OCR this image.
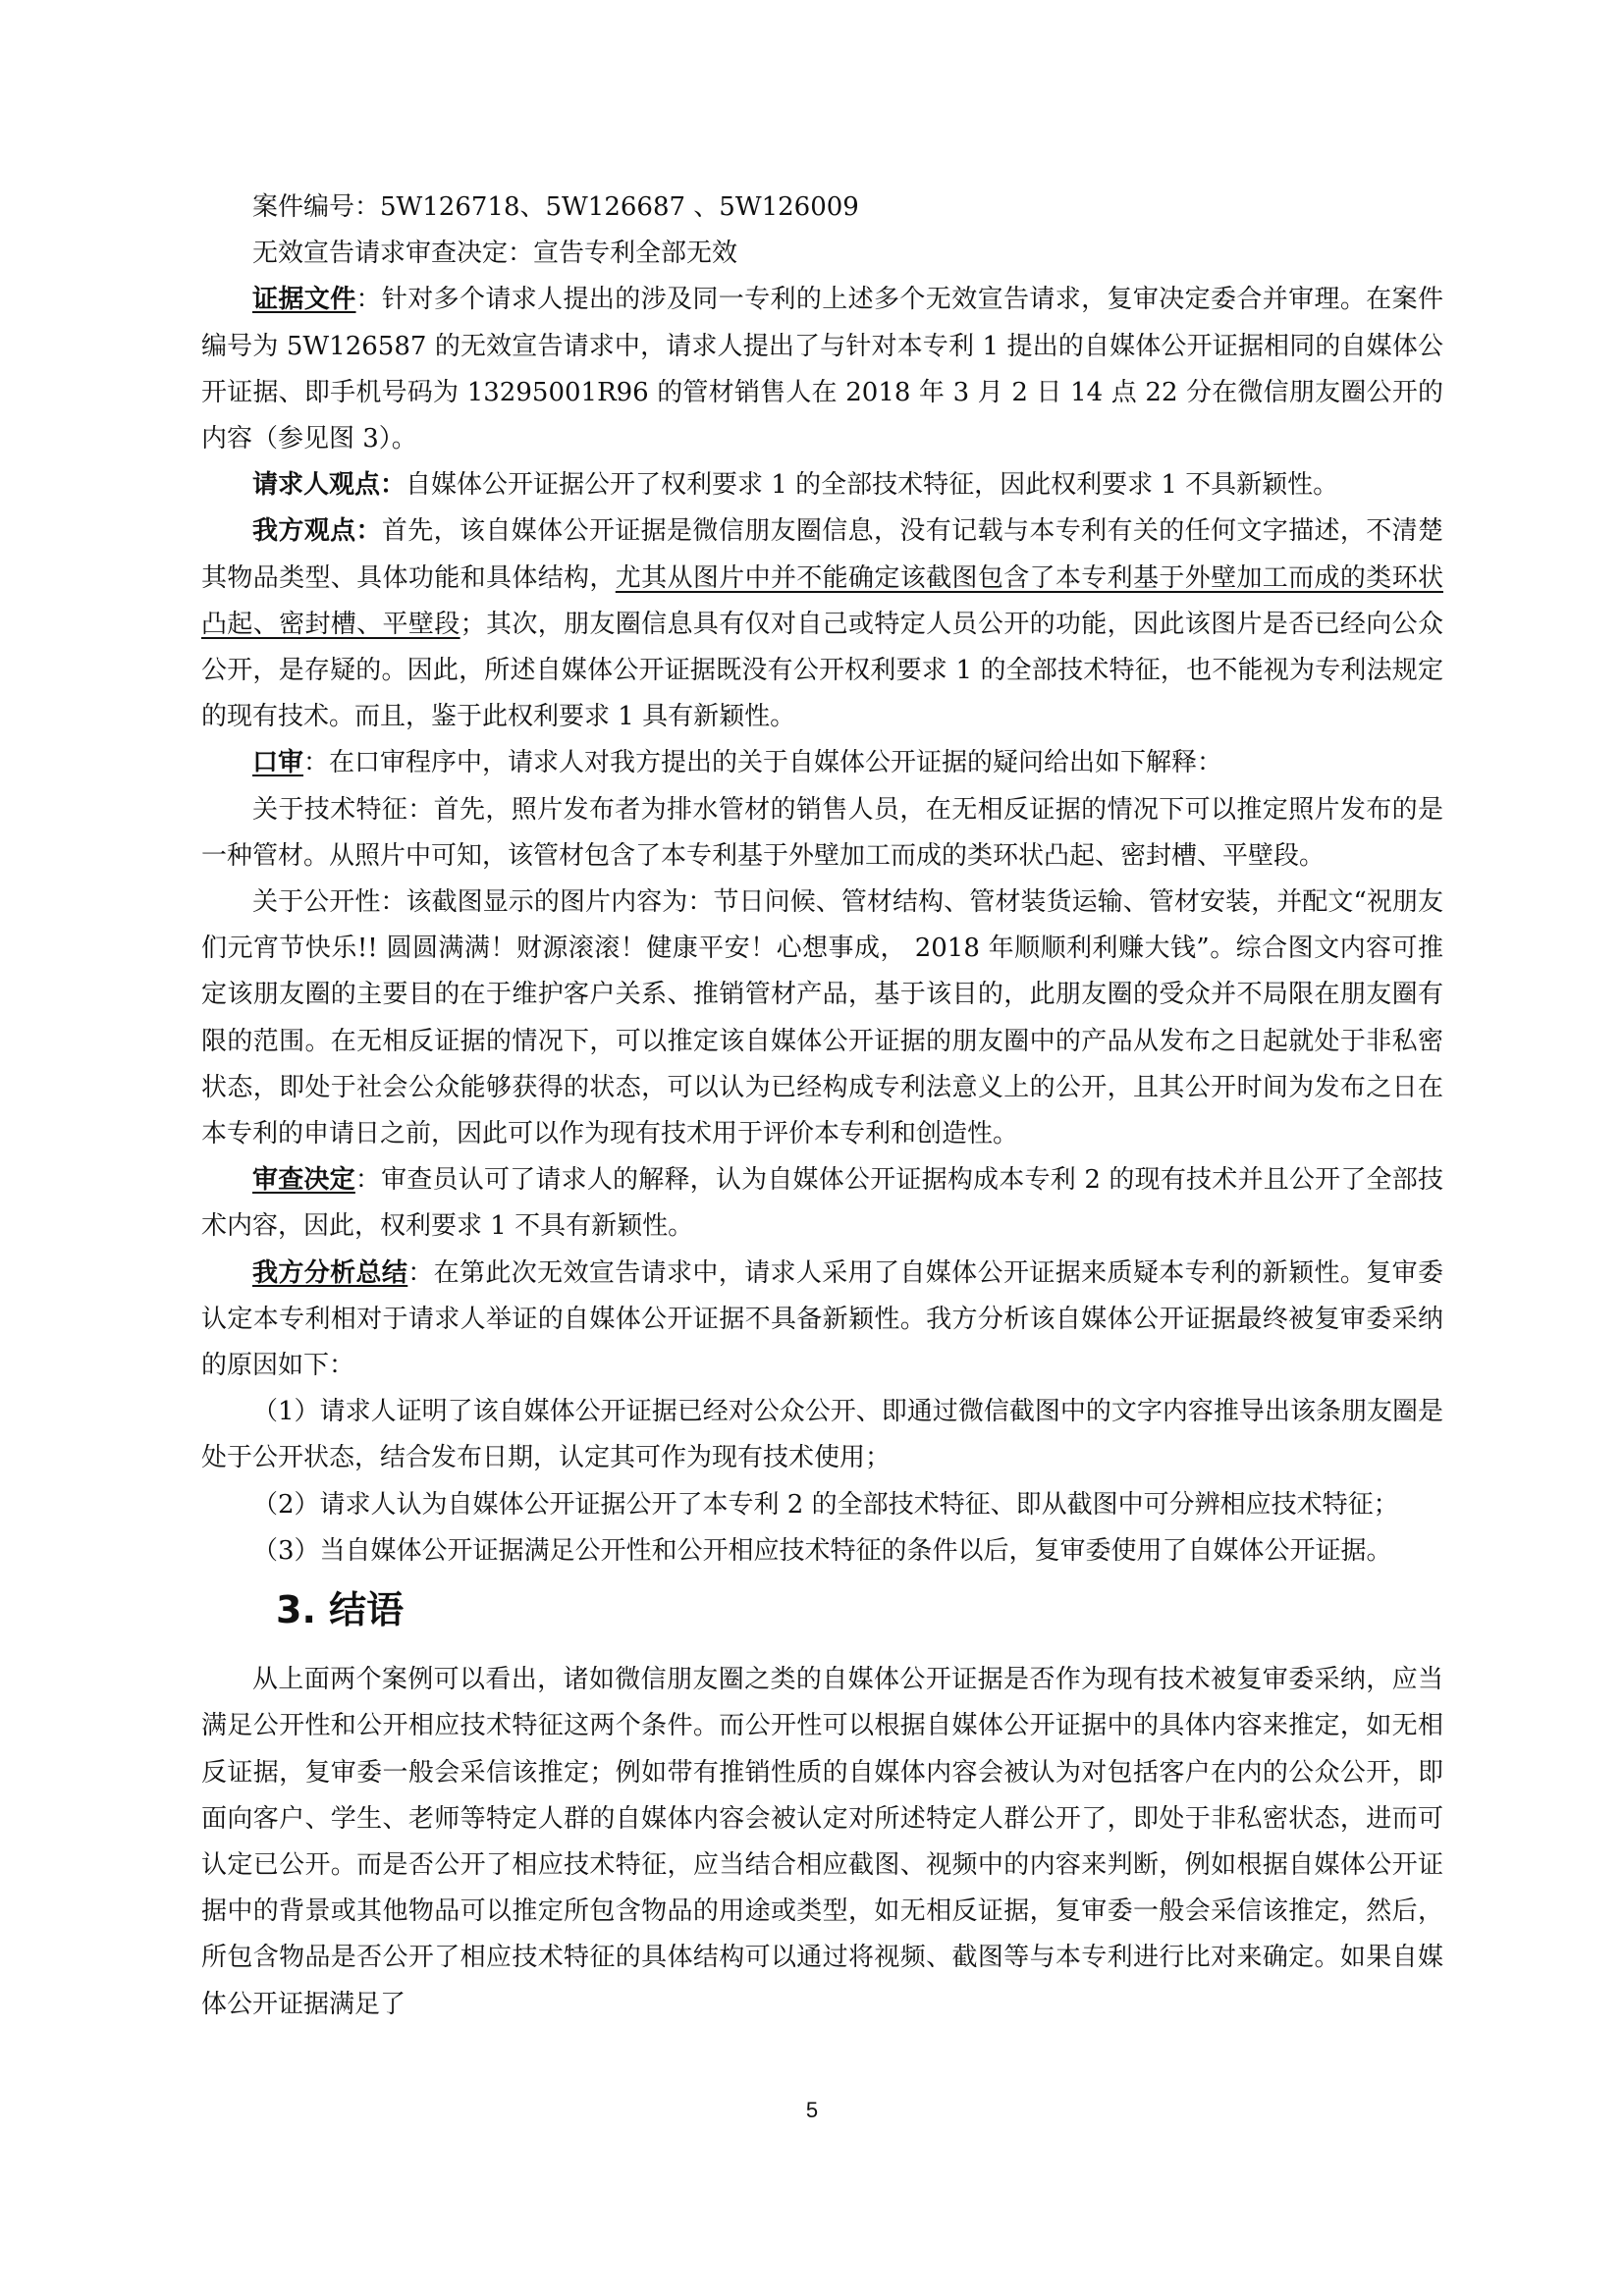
案件编号：5W126718、5W126687 、5W126009

无效宣告请求审查决定：宣告专利全部无效

证据文件：针对多个请求人提出的涉及同一专利的上述多个无效宣告请求，复审决定委合并审理。在案件编号为 5W126587 的无效宣告请求中，请求人提出了与针对本专利 1 提出的自媒体公开证据相同的自媒体公开证据、即手机号码为 13295001R96 的管材销售人在 2018 年 3 月 2 日 14 点 22 分在微信朋友圈公开的内容（参见图 3）。

请求人观点：自媒体公开证据公开了权利要求 1 的全部技术特征，因此权利要求 1 不具新颖性。

我方观点：首先，该自媒体公开证据是微信朋友圈信息，没有记载与本专利有关的任何文字描述，不清楚其物品类型、具体功能和具体结构，尤其从图片中并不能确定该截图包含了本专利基于外壁加工而成的类环状凸起、密封槽、平壁段；其次，朋友圈信息具有仅对自己或特定人员公开的功能，因此该图片是否已经向公众公开，是存疑的。因此，所述自媒体公开证据既没有公开权利要求 1 的全部技术特征，也不能视为专利法规定的现有技术。而且，鉴于此权利要求 1 具有新颖性。

口审：在口审程序中，请求人对我方提出的关于自媒体公开证据的疑问给出如下解释：

关于技术特征：首先，照片发布者为排水管材的销售人员，在无相反证据的情况下可以推定照片发布的是一种管材。从照片中可知，该管材包含了本专利基于外壁加工而成的类环状凸起、密封槽、平壁段。

关于公开性：该截图显示的图片内容为：节日问候、管材结构、管材装货运输、管材安装，并配文“祝朋友们元宵节快乐!! 圆圆满满！财源滚滚！健康平安！心想事成， 2018 年顺顺利利赚大钱”。综合图文内容可推定该朋友圈的主要目的在于维护客户关系、推销管材产品，基于该目的，此朋友圈的受众并不局限在朋友圈有限的范围。在无相反证据的情况下，可以推定该自媒体公开证据的朋友圈中的产品从发布之日起就处于非私密状态，即处于社会公众能够获得的状态，可以认为已经构成专利法意义上的公开，且其公开时间为发布之日在本专利的申请日之前，因此可以作为现有技术用于评价本专利和创造性。

审查决定：审查员认可了请求人的解释，认为自媒体公开证据构成本专利 2 的现有技术并且公开了全部技术内容，因此，权利要求 1 不具有新颖性。

我方分析总结：在第此次无效宣告请求中，请求人采用了自媒体公开证据来质疑本专利的新颖性。复审委认定本专利相对于请求人举证的自媒体公开证据不具备新颖性。我方分析该自媒体公开证据最终被复审委采纳的原因如下：

（1）请求人证明了该自媒体公开证据已经对公众公开、即通过微信截图中的文字内容推导出该条朋友圈是处于公开状态，结合发布日期，认定其可作为现有技术使用；

（2）请求人认为自媒体公开证据公开了本专利 2 的全部技术特征、即从截图中可分辨相应技术特征；

（3）当自媒体公开证据满足公开性和公开相应技术特征的条件以后，复审委使用了自媒体公开证据。

3. 结语

从上面两个案例可以看出，诸如微信朋友圈之类的自媒体公开证据是否作为现有技术被复审委采纳，应当满足公开性和公开相应技术特征这两个条件。而公开性可以根据自媒体公开证据中的具体内容来推定，如无相反证据，复审委一般会采信该推定；例如带有推销性质的自媒体内容会被认为对包括客户在内的公众公开，即面向客户、学生、老师等特定人群的自媒体内容会被认定对所述特定人群公开了，即处于非私密状态，进而可认定已公开。而是否公开了相应技术特征，应当结合相应截图、视频中的内容来判断，例如根据自媒体公开证据中的背景或其他物品可以推定所包含物品的用途或类型，如无相反证据，复审委一般会采信该推定，然后，所包含物品是否公开了相应技术特征的具体结构可以通过将视频、截图等与本专利进行比对来确定。如果自媒体公开证据满足了

5
